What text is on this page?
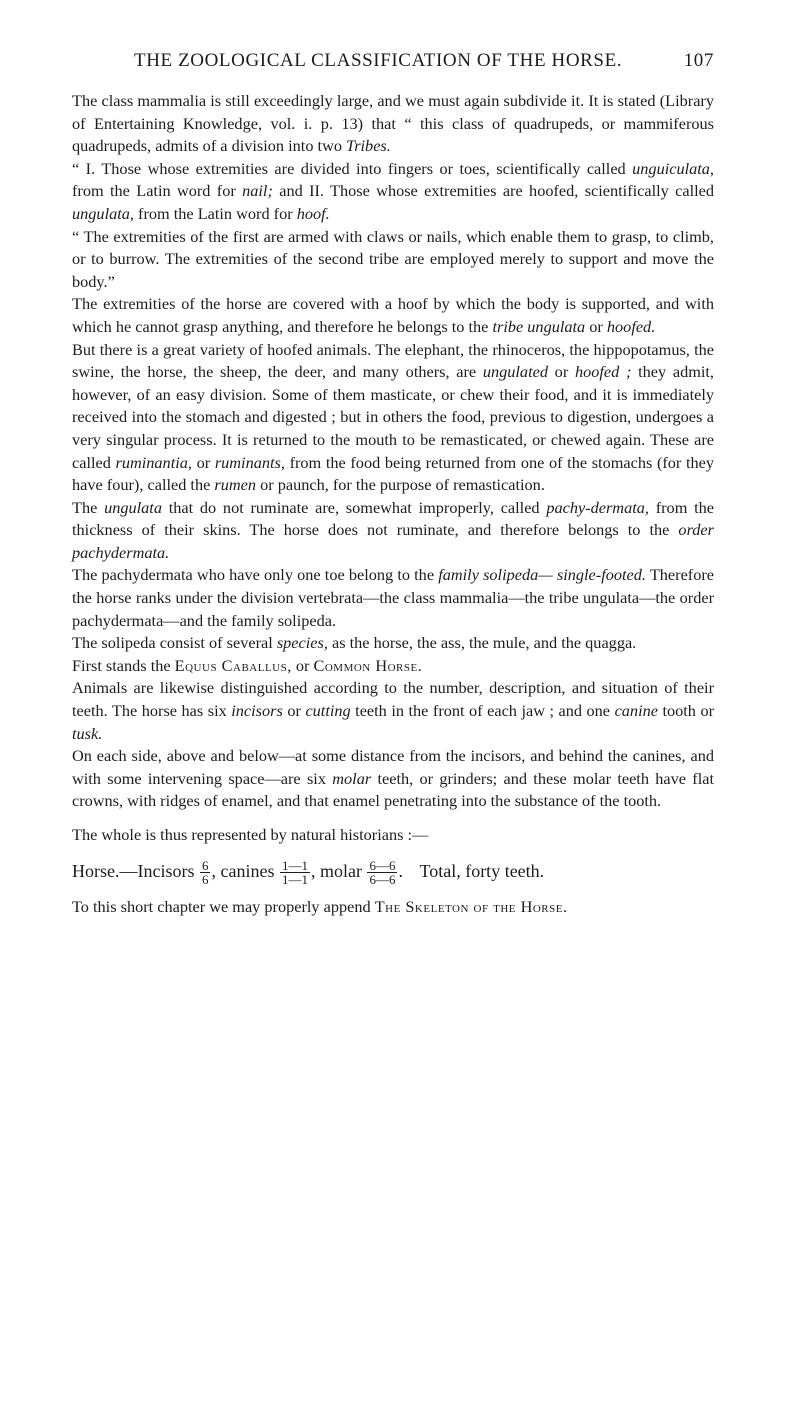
THE ZOOLOGICAL CLASSIFICATION OF THE HORSE.	107

The class mammalia is still exceedingly large, and we must again subdivide it. It is stated (Library of Entertaining Knowledge, vol. i. p. 13) that “ this class of quadrupeds, or mammiferous quadrupeds, admits of a division into two Tribes.

“ I. Those whose extremities are divided into fingers or toes, scientifically called unguiculata, from the Latin word for nail; and II. Those whose extremities are hoofed, scientifically called ungulata, from the Latin word for hoof.

“ The extremities of the first are armed with claws or nails, which enable them to grasp, to climb, or to burrow. The extremities of the second tribe are employed merely to support and move the body.”

The extremities of the horse are covered with a hoof by which the body is supported, and with which he cannot grasp anything, and therefore he belongs to the tribe ungulata or hoofed.

But there is a great variety of hoofed animals. The elephant, the rhinoceros, the hippopotamus, the swine, the horse, the sheep, the deer, and many others, are ungulated or hoofed ; they admit, however, of an easy division. Some of them masticate, or chew their food, and it is immediately received into the stomach and digested ; but in others the food, previous to digestion, undergoes a very singular process. It is returned to the mouth to be remasticated, or chewed again. These are called ruminantia, or ruminants, from the food being returned from one of the stomachs (for they have four), called the rumen or paunch, for the purpose of remastication.

The ungulata that do not ruminate are, somewhat improperly, called pachy-dermata, from the thickness of their skins. The horse does not ruminate, and therefore belongs to the order pachydermata.

The pachydermata who have only one toe belong to the family solipeda— single-footed. Therefore the horse ranks under the division vertebrata—the class mammalia—the tribe ungulata—the order pachydermata—and the family solipeda.

The solipeda consist of several species, as the horse, the ass, the mule, and the quagga.

First stands the Equus Caballus, or Common Horse.

Animals are likewise distinguished according to the number, description, and situation of their teeth. The horse has six incisors or cutting teeth in the front of each jaw ; and one canine tooth or tusk.

On each side, above and below—at some distance from the incisors, and behind the canines, and with some intervening space—are six molar teeth, or grinders; and these molar teeth have flat crowns, with ridges of enamel, and that enamel penetrating into the substance of the tooth.

The whole is thus represented by natural historians :—

Horse.—Incisors $\frac{6}{6}$ , canines $\frac{1—1}{1—1}$ , molar $\frac{6—6}{6—6}$ . Total, forty teeth.

To this short chapter we may properly append The Skeleton of the Horse.
